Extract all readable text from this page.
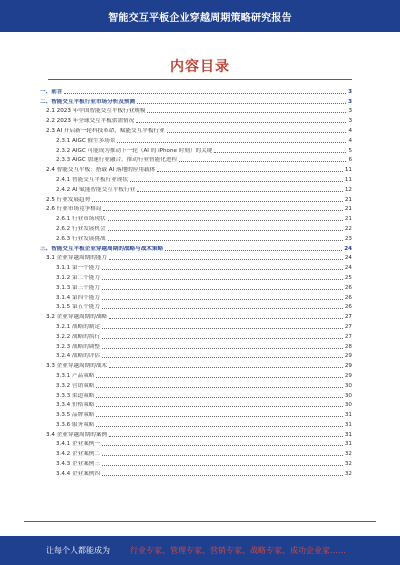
智能交互平板企业穿越周期策略研究报告
内容目录
一、前言	3
二、智能交互平板行业市场分析及预测	3
2.1 2023 年中国智能交互平板行业规模	3
2.2 2023 年全球交互平板供需情况	3
2.3 AI 开启新一轮科技革命，赋能交互平板行业	4
2.3.1 AIGC 催生多场景	4
2.3.2 AIGC 可能成为推动下一轮（AI 的 iPhone 时刻）的关键	5
2.3.3 AIGC 加速行业融合，推动行业智能化进程	6
2.4 智能交互平板：搭载 AI 落地的应用载体	11
2.4.1 智能交互平板行业现状	11
2.4.2 AI 赋能智能交互平板行业	12
2.5 行业发展趋势	21
2.6 行业市场竞争格局	21
2.6.1 行业市场现状	21
2.6.2 行业发展机会	22
2.6.3 行业发展挑战	23
三、智能交互平板企业穿越周期的战略与战术策略	24
3.1 企业穿越周期的能力	24
3.1.1 第一个能力	24
3.1.2 第二个能力	25
3.1.3 第三个能力	26
3.1.4 第四个能力	26
3.1.5 第五个能力	26
3.2 企业穿越周期的战略	27
3.2.1 战略的制定	27
3.2.2 战略的执行	27
3.2.3 战略的调整	28
3.2.4 战略的评估	29
3.3 企业穿越周期的战术	29
3.3.1 产品策略	29
3.3.2 营销策略	30
3.3.3 渠道策略	30
3.3.4 价格策略	30
3.3.5 品牌策略	31
3.3.6 服务策略	31
3.4 企业穿越周期的案例	31
3.4.1 企业案例一	31
3.4.2 企业案例二	32
3.4.3 企业案例三	32
3.4.4 企业案例四	32
让每个人都能成为	行业专家、管理专家、营销专家、战略专家、成功企业家……
